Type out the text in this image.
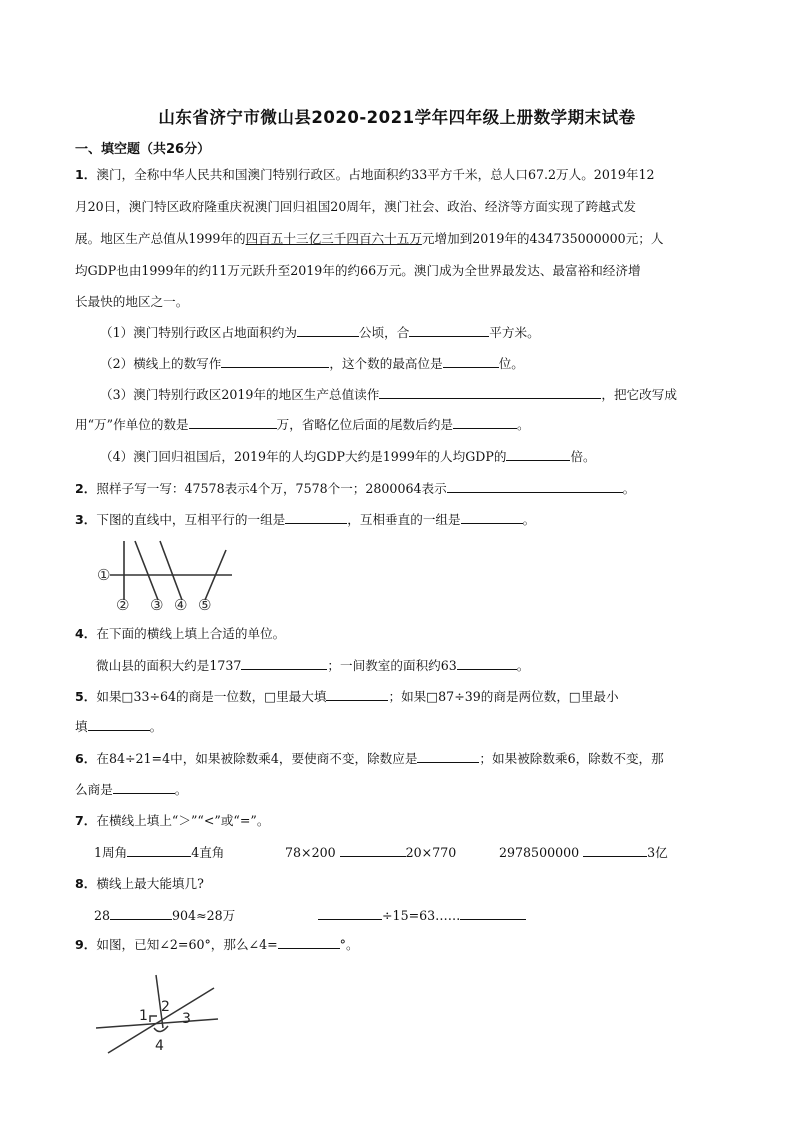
山东省济宁市微山县2020-2021学年四年级上册数学期末试卷
一、填空题（共26分）
1．澳门，全称中华人民共和国澳门特别行政区。占地面积约33平方千米，总人口67.2万人。2019年12
月20日，澳门特区政府隆重庆祝澳门回归祖国20周年，澳门社会、政治、经济等方面实现了跨越式发
展。地区生产总值从1999年的四百五十三亿三千四百六十五万元增加到2019年的434735000000元；人
均GDP也由1999年的约11万元跃升至2019年的约66万元。澳门成为全世界最发达、最富裕和经济增
长最快的地区之一。
（1）澳门特别行政区占地面积约为	公顷，合	平方米。
（2）横线上的数写作	，这个数的最高位是	位。
（3）澳门特别行政区2019年的地区生产总值读作	，把它改写成
用“万”作单位的数是	万，省略亿位后面的尾数后约是	。
（4）澳门回归祖国后，2019年的人均GDP大约是1999年的人均GDP的	倍。
2．照样子写一写：47578表示4个万，7578个一；2800064表示	。
3．下图的直线中，互相平行的一组是	，互相垂直的一组是	。
①
② ③ ④ ⑤
4．在下面的横线上填上合适的单位。
微山县的面积大约是1737	；一间教室的面积约63	。
5．如果□33÷64的商是一位数，□里最大填	；如果□87÷39的商是两位数，□里最小
填	。
6．在84÷21=4中，如果被除数乘4，要使商不变，除数应是	；如果被除数乘6，除数不变，那
么商是	。
7．在横线上填上“＞”“<”或“=”。
1周角	4直角	78×200	20×770	2978500000	3亿
8．横线上最大能填几?
28	904≈28万	÷15=63……
9．如图，已知∠2=60°，那么∠4=	°。
1
2
3
4
